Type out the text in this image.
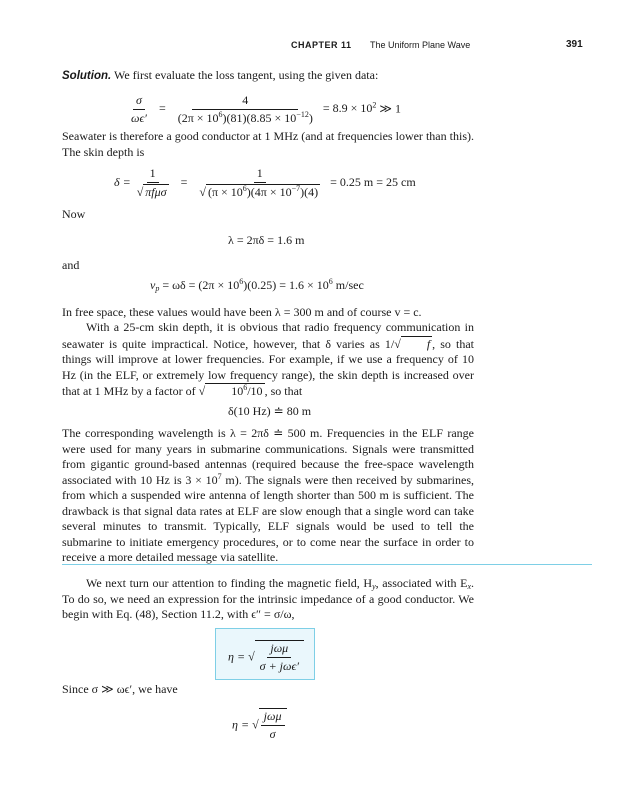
CHAPTER 11 The Uniform Plane Wave	391
Solution. We first evaluate the loss tangent, using the given data:
$\frac{\sigma}{\omega\epsilon'} = \frac{4}{(2\pi \times 10^6)(81)(8.85 \times 10^{-12})} = 8.9 \times 10^2$ ≫ 1
Seawater is therefore a good conductor at 1 MHz (and at frequencies lower than this). The skin depth is
$\delta = \frac{1}{\text{√ πfμσ}} = \frac{1}{√ (\pi \times 10^6)(4\pi \times 10^{-7})(4)} = 0.25$ m = 25 cm
Now
λ = 2πδ = 1.6 m
and
$v_p = \omega\delta = (2\pi \times 10^6)(0.25) = 1.6 \times 10^6$ m/sec
In free space, these values would have been λ = 300 m and of course v = c.
With a 25-cm skin depth, it is obvious that radio frequency communication in seawater is quite impractical. Notice, however, that δ varies as 1/√ f , so that things will improve at lower frequencies. For example, if we use a frequency of 10 Hz (in the ELF, or extremely low frequency range), the skin depth is increased over that at 1 MHz by a factor of √ $10^6/10$ , so that
δ(10 Hz) ≐ 80 m
The corresponding wavelength is λ = 2πδ ≐ 500 m. Frequencies in the ELF range were used for many years in submarine communications. Signals were transmitted from gigantic ground-based antennas (required because the free-space wavelength associated with 10 Hz is $3 \times 10^7$ m). The signals were then received by submarines, from which a suspended wire antenna of length shorter than 500 m is sufficient. The drawback is that signal data rates at ELF are slow enough that a single word can take several minutes to transmit. Typically, ELF signals would be used to tell the submarine to initiate emergency procedures, or to come near the surface in order to receive a more detailed message via satellite.
We next turn our attention to finding the magnetic field, $H_y$, associated with $E_x$. To do so, we need an expression for the intrinsic impedance of a good conductor. We begin with Eq. (48), Section 11.2, with ϵ″ = σ/ω,
η = √ $\frac{\text{jωμ}}{\text{σ + jωϵ′}}$
Since σ ≫ ωϵ′, we have
η = √ $\frac{\text{jωμ}}{\sigma}$
